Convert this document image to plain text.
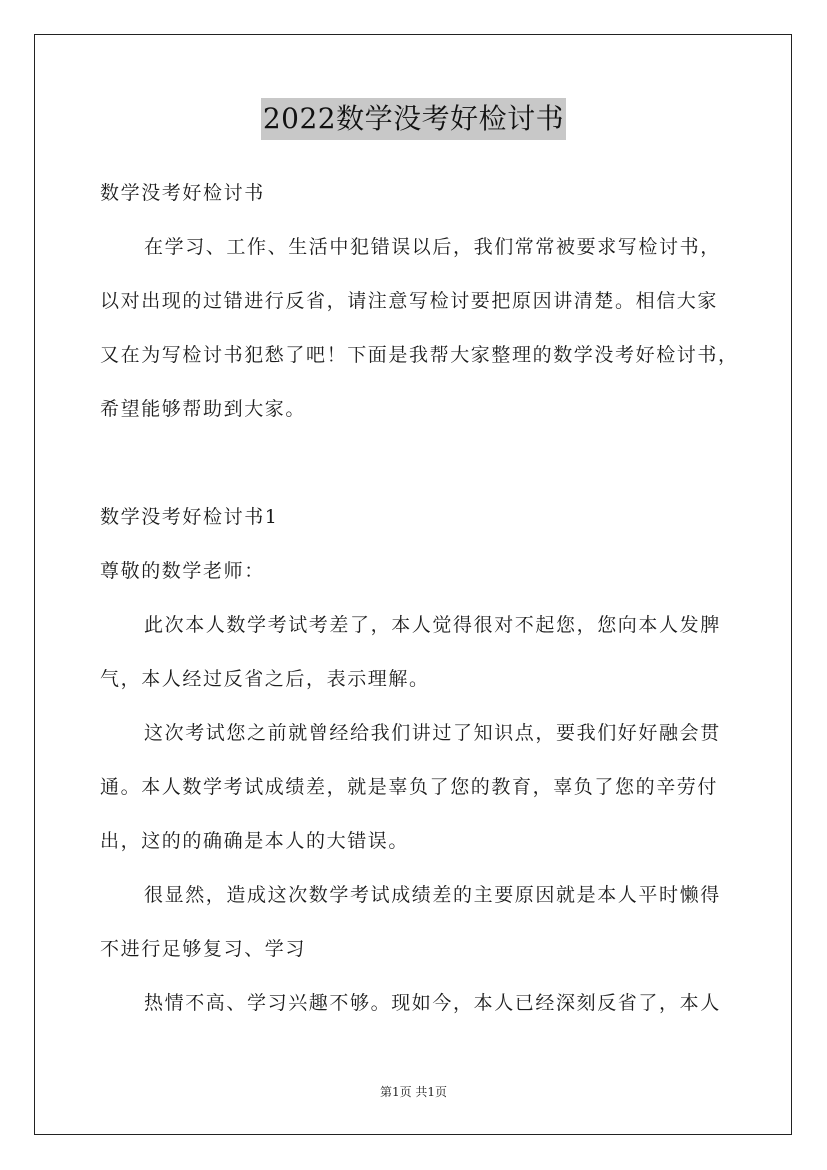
2022数学没考好检讨书
数学没考好检讨书
在学习、工作、生活中犯错误以后，我们常常被要求写检讨书，
以对出现的过错进行反省，请注意写检讨要把原因讲清楚。相信大家
又在为写检讨书犯愁了吧！下面是我帮大家整理的数学没考好检讨书，
希望能够帮助到大家。
数学没考好检讨书1
尊敬的数学老师：
此次本人数学考试考差了，本人觉得很对不起您，您向本人发脾
气，本人经过反省之后，表示理解。
这次考试您之前就曾经给我们讲过了知识点，要我们好好融会贯
通。本人数学考试成绩差，就是辜负了您的教育，辜负了您的辛劳付
出，这的的确确是本人的大错误。
很显然，造成这次数学考试成绩差的主要原因就是本人平时懒得
不进行足够复习、学习
热情不高、学习兴趣不够。现如今，本人已经深刻反省了，本人
第1页 共1页
